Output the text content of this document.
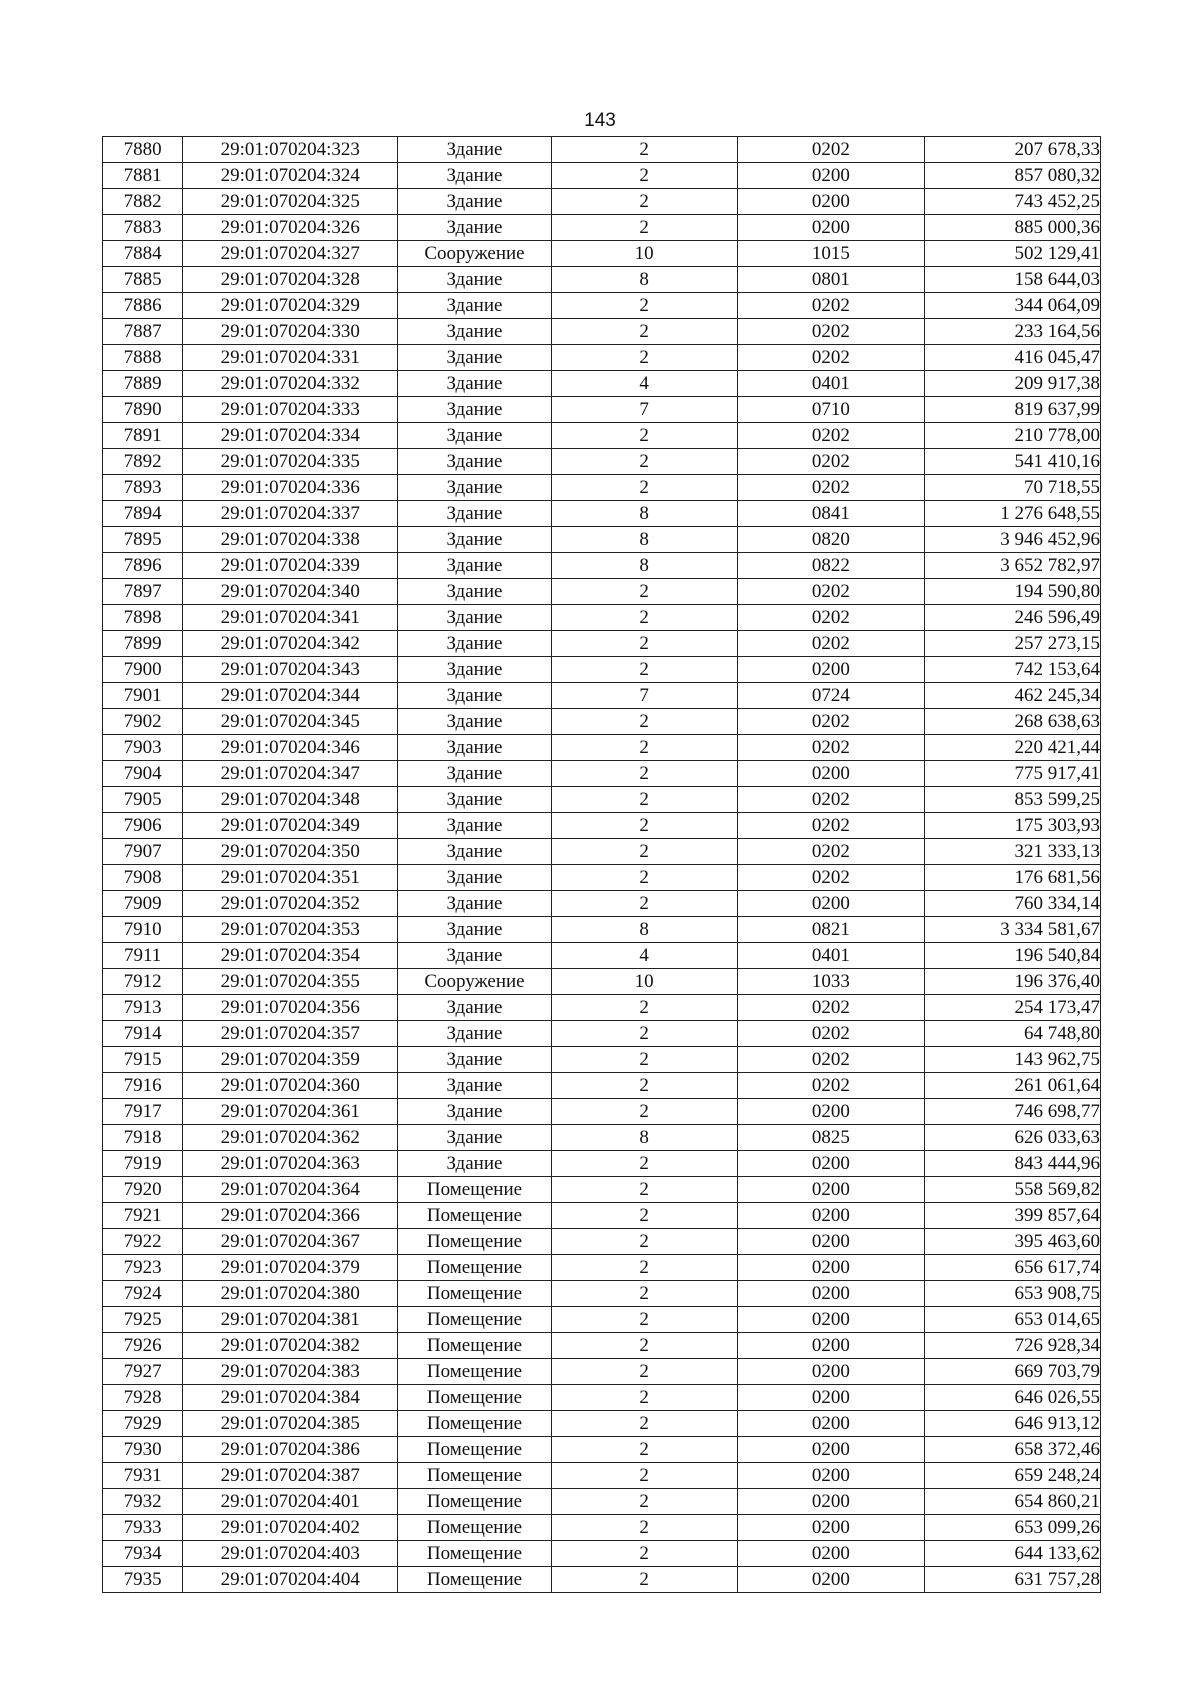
143
7880	29:01:070204:323	Здание	2	0202	207 678,33
7881	29:01:070204:324	Здание	2	0200	857 080,32
7882	29:01:070204:325	Здание	2	0200	743 452,25
7883	29:01:070204:326	Здание	2	0200	885 000,36
7884	29:01:070204:327	Сооружение	10	1015	502 129,41
7885	29:01:070204:328	Здание	8	0801	158 644,03
7886	29:01:070204:329	Здание	2	0202	344 064,09
7887	29:01:070204:330	Здание	2	0202	233 164,56
7888	29:01:070204:331	Здание	2	0202	416 045,47
7889	29:01:070204:332	Здание	4	0401	209 917,38
7890	29:01:070204:333	Здание	7	0710	819 637,99
7891	29:01:070204:334	Здание	2	0202	210 778,00
7892	29:01:070204:335	Здание	2	0202	541 410,16
7893	29:01:070204:336	Здание	2	0202	70 718,55
7894	29:01:070204:337	Здание	8	0841	1 276 648,55
7895	29:01:070204:338	Здание	8	0820	3 946 452,96
7896	29:01:070204:339	Здание	8	0822	3 652 782,97
7897	29:01:070204:340	Здание	2	0202	194 590,80
7898	29:01:070204:341	Здание	2	0202	246 596,49
7899	29:01:070204:342	Здание	2	0202	257 273,15
7900	29:01:070204:343	Здание	2	0200	742 153,64
7901	29:01:070204:344	Здание	7	0724	462 245,34
7902	29:01:070204:345	Здание	2	0202	268 638,63
7903	29:01:070204:346	Здание	2	0202	220 421,44
7904	29:01:070204:347	Здание	2	0200	775 917,41
7905	29:01:070204:348	Здание	2	0202	853 599,25
7906	29:01:070204:349	Здание	2	0202	175 303,93
7907	29:01:070204:350	Здание	2	0202	321 333,13
7908	29:01:070204:351	Здание	2	0202	176 681,56
7909	29:01:070204:352	Здание	2	0200	760 334,14
7910	29:01:070204:353	Здание	8	0821	3 334 581,67
7911	29:01:070204:354	Здание	4	0401	196 540,84
7912	29:01:070204:355	Сооружение	10	1033	196 376,40
7913	29:01:070204:356	Здание	2	0202	254 173,47
7914	29:01:070204:357	Здание	2	0202	64 748,80
7915	29:01:070204:359	Здание	2	0202	143 962,75
7916	29:01:070204:360	Здание	2	0202	261 061,64
7917	29:01:070204:361	Здание	2	0200	746 698,77
7918	29:01:070204:362	Здание	8	0825	626 033,63
7919	29:01:070204:363	Здание	2	0200	843 444,96
7920	29:01:070204:364	Помещение	2	0200	558 569,82
7921	29:01:070204:366	Помещение	2	0200	399 857,64
7922	29:01:070204:367	Помещение	2	0200	395 463,60
7923	29:01:070204:379	Помещение	2	0200	656 617,74
7924	29:01:070204:380	Помещение	2	0200	653 908,75
7925	29:01:070204:381	Помещение	2	0200	653 014,65
7926	29:01:070204:382	Помещение	2	0200	726 928,34
7927	29:01:070204:383	Помещение	2	0200	669 703,79
7928	29:01:070204:384	Помещение	2	0200	646 026,55
7929	29:01:070204:385	Помещение	2	0200	646 913,12
7930	29:01:070204:386	Помещение	2	0200	658 372,46
7931	29:01:070204:387	Помещение	2	0200	659 248,24
7932	29:01:070204:401	Помещение	2	0200	654 860,21
7933	29:01:070204:402	Помещение	2	0200	653 099,26
7934	29:01:070204:403	Помещение	2	0200	644 133,62
7935	29:01:070204:404	Помещение	2	0200	631 757,28
